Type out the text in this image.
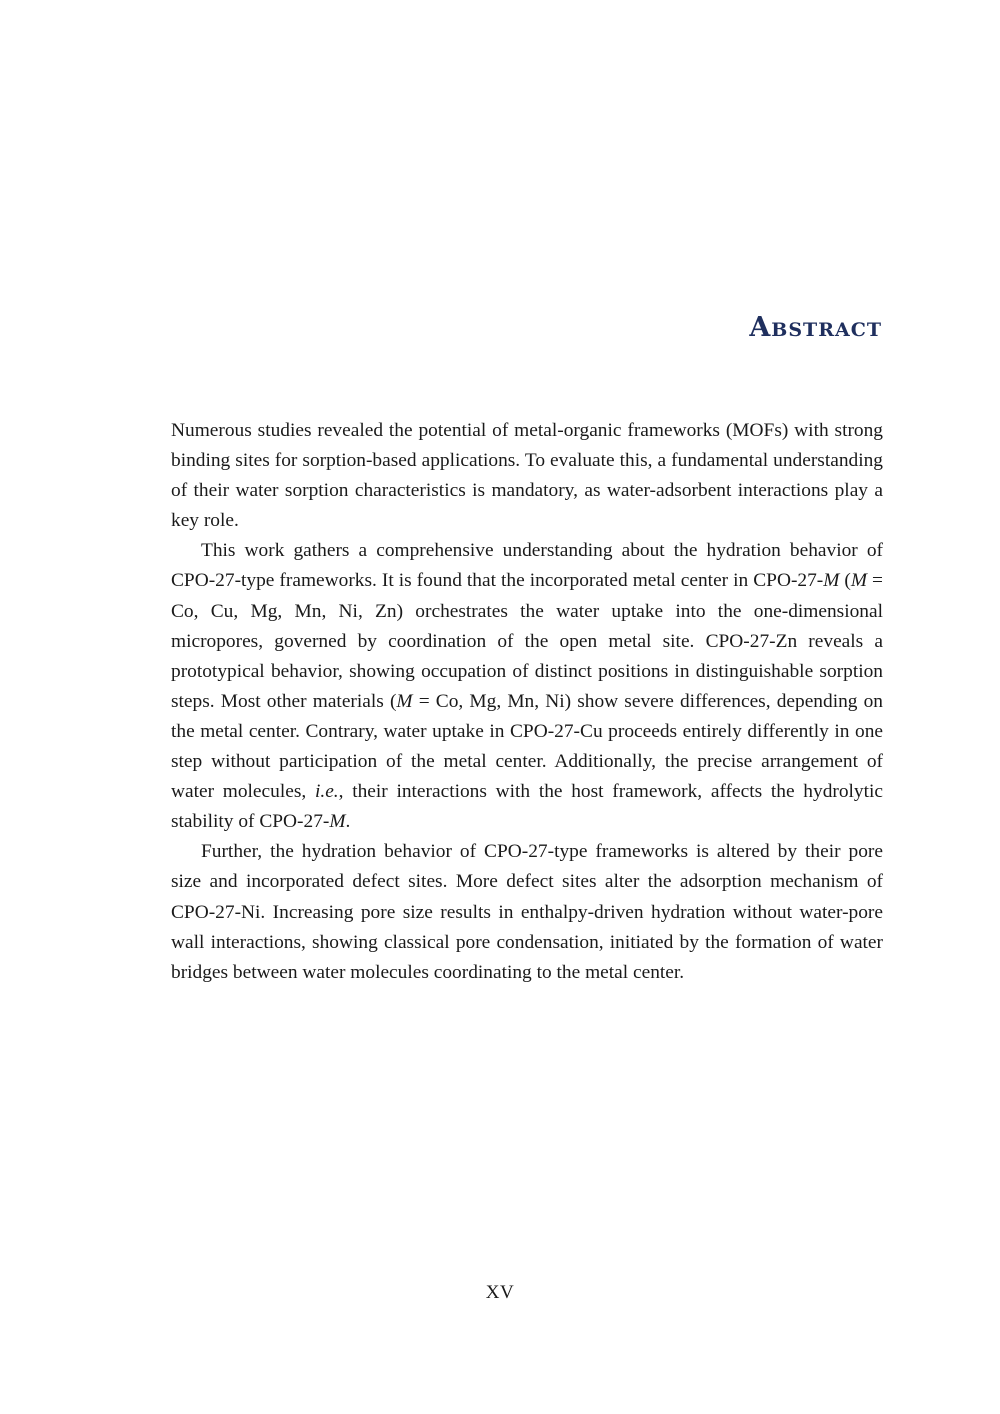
Abstract

Numerous studies revealed the potential of metal-organic frameworks (MOFs) with strong binding sites for sorption-based applications. To evaluate this, a fundamental understanding of their water sorption characteristics is mandatory, as water-adsorbent interactions play a key role.

This work gathers a comprehensive understanding about the hydration behavior of CPO-27-type frameworks. It is found that the incorporated metal center in CPO-27-M (M = Co, Cu, Mg, Mn, Ni, Zn) orchestrates the water uptake into the one-dimensional micropores, governed by coordination of the open metal site. CPO-27-Zn reveals a prototypical behavior, showing occupation of distinct positions in distinguishable sorption steps. Most other materials (M = Co, Mg, Mn, Ni) show severe differences, depending on the metal center. Contrary, water uptake in CPO-27-Cu proceeds entirely differently in one step without participation of the metal center. Additionally, the precise arrangement of water molecules, i.e., their interactions with the host framework, affects the hydrolytic stability of CPO-27-M.

Further, the hydration behavior of CPO-27-type frameworks is altered by their pore size and incorporated defect sites. More defect sites alter the adsorption mechanism of CPO-27-Ni. Increasing pore size results in enthalpy-driven hydration without water-pore wall interactions, showing classical pore condensation, initiated by the formation of water bridges between water molecules coordinating to the metal center.

XV
